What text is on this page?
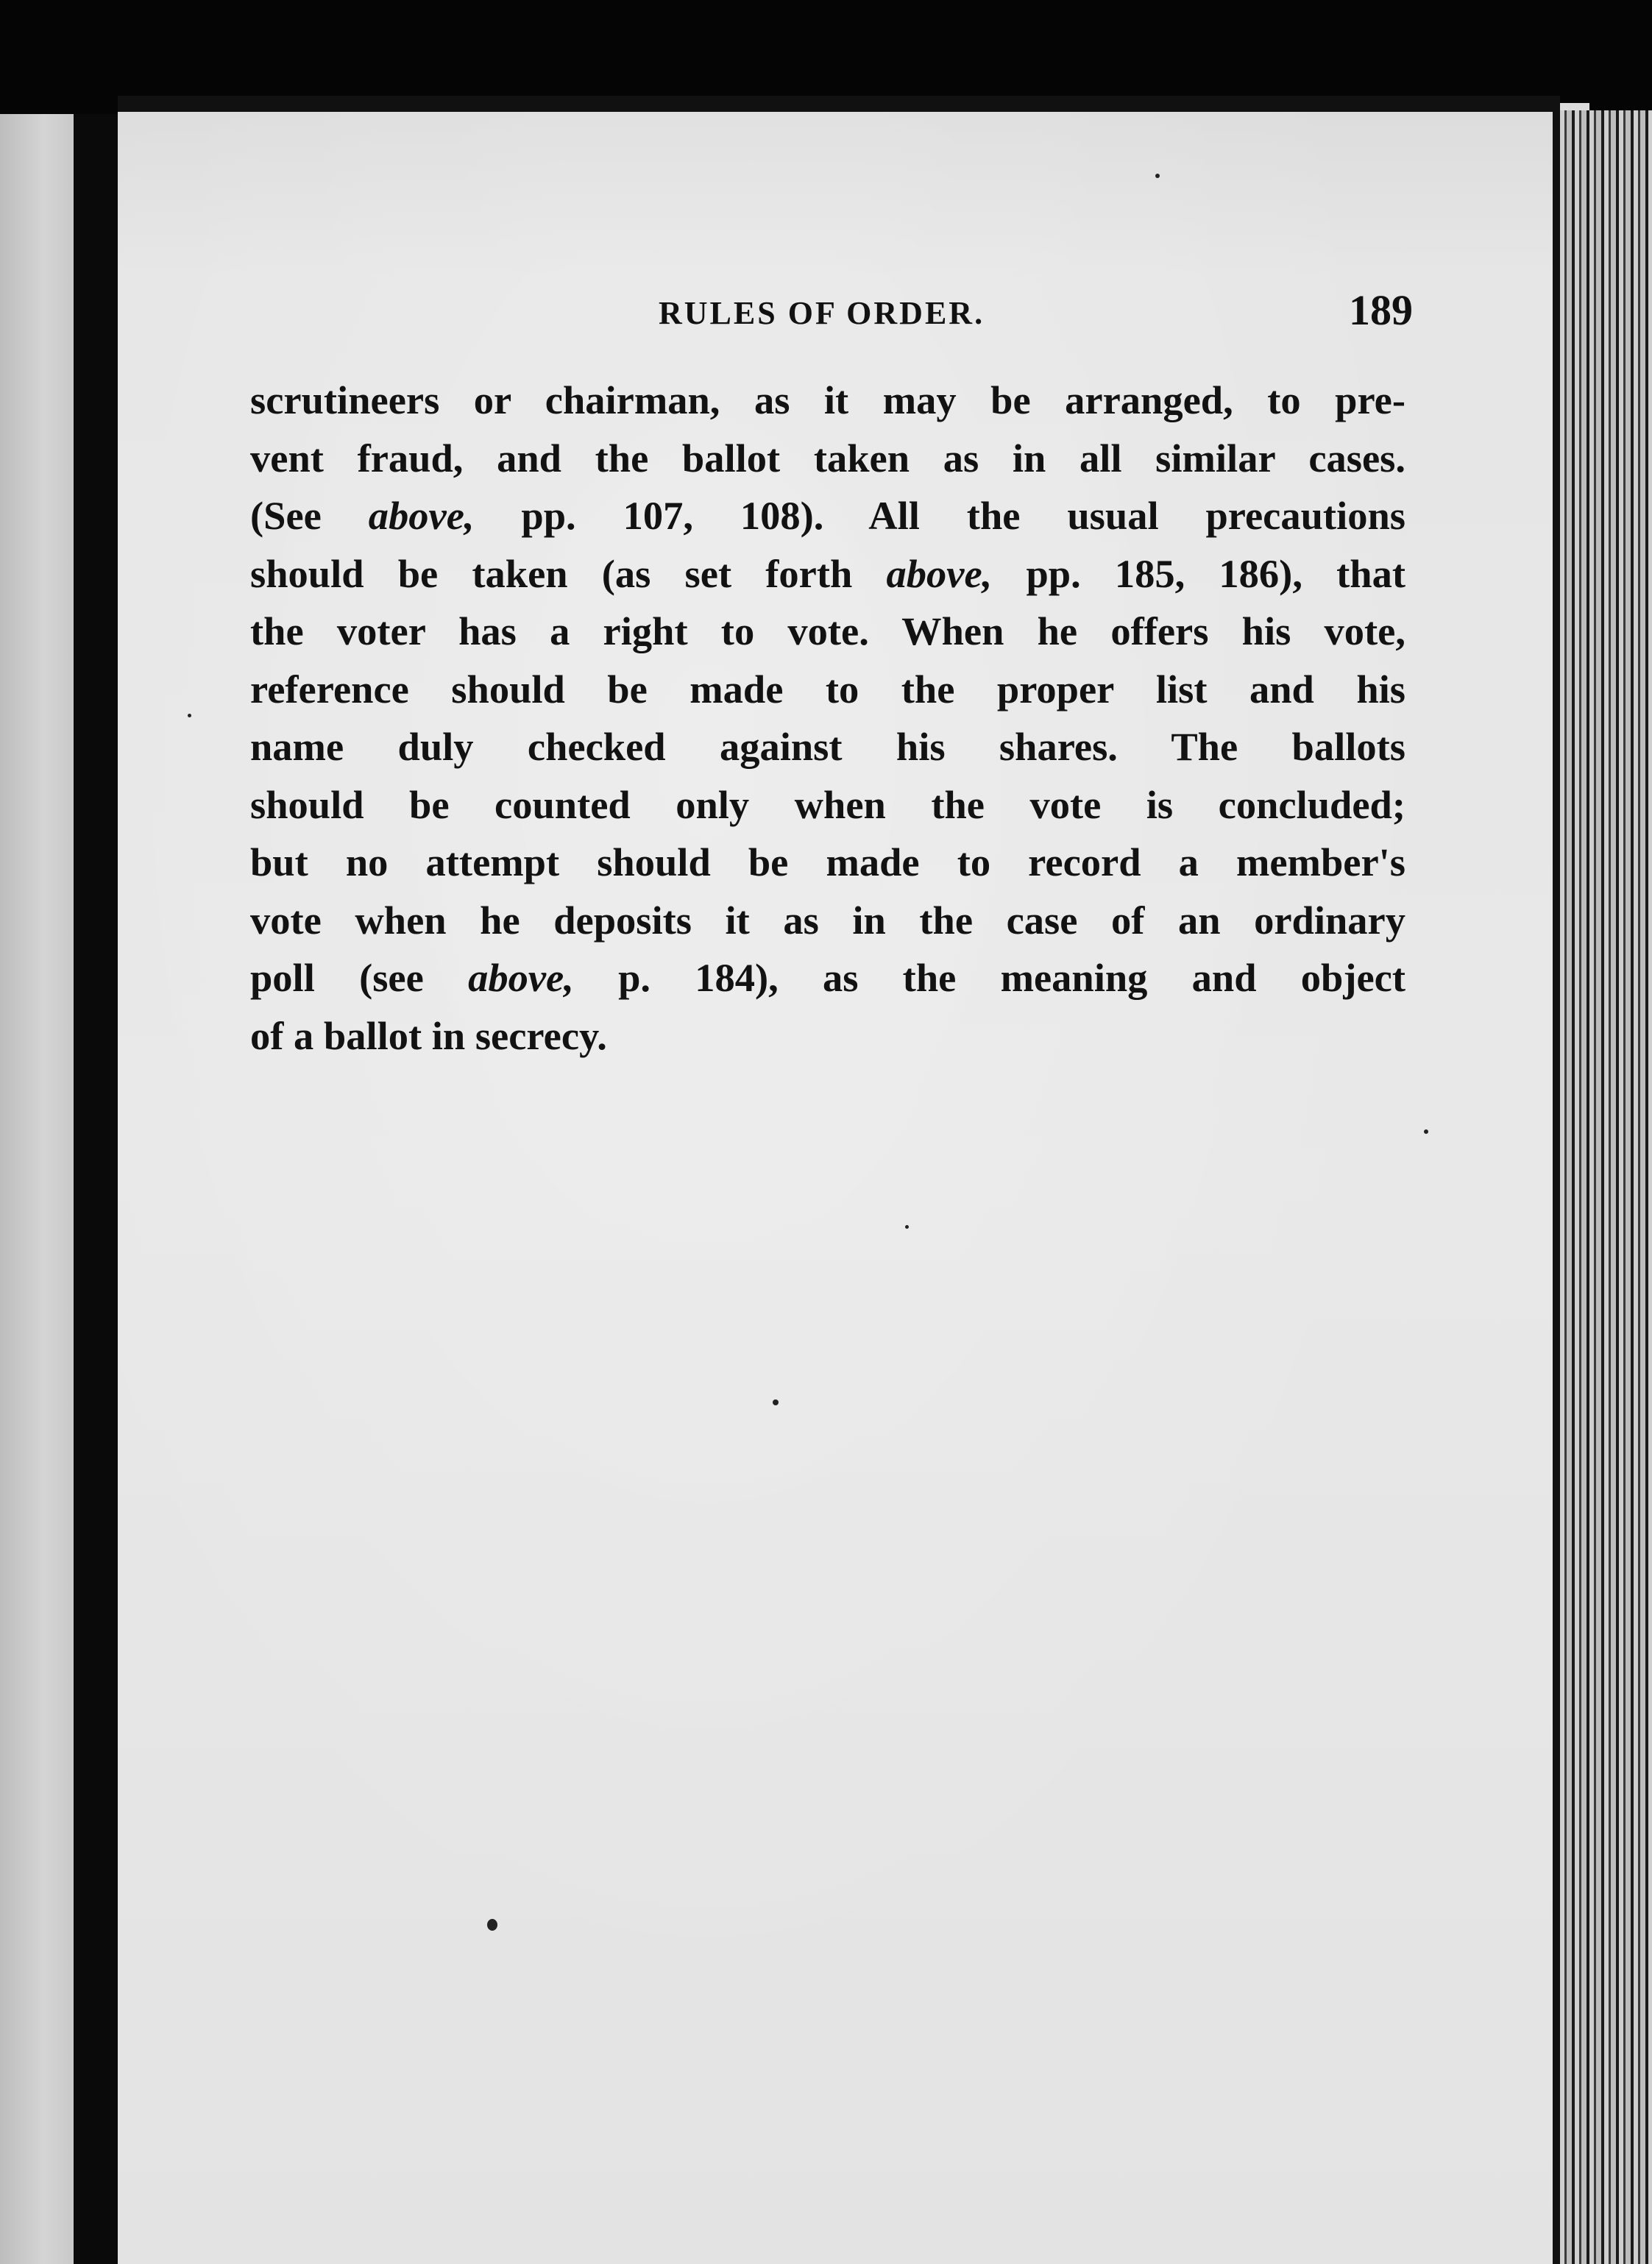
RULES OF ORDER.	189
scrutineers or chairman, as it may be arranged, to pre-
vent fraud, and the ballot taken as in all similar cases.
(See above, pp. 107, 108). All the usual precautions
should be taken (as set forth above, pp. 185, 186), that
the voter has a right to vote. When he offers his vote,
reference should be made to the proper list and his
name duly checked against his shares. The ballots
should be counted only when the vote is concluded;
but no attempt should be made to record a member's
vote when he deposits it as in the case of an ordinary
poll (see above, p. 184), as the meaning and object
of a ballot in secrecy.
